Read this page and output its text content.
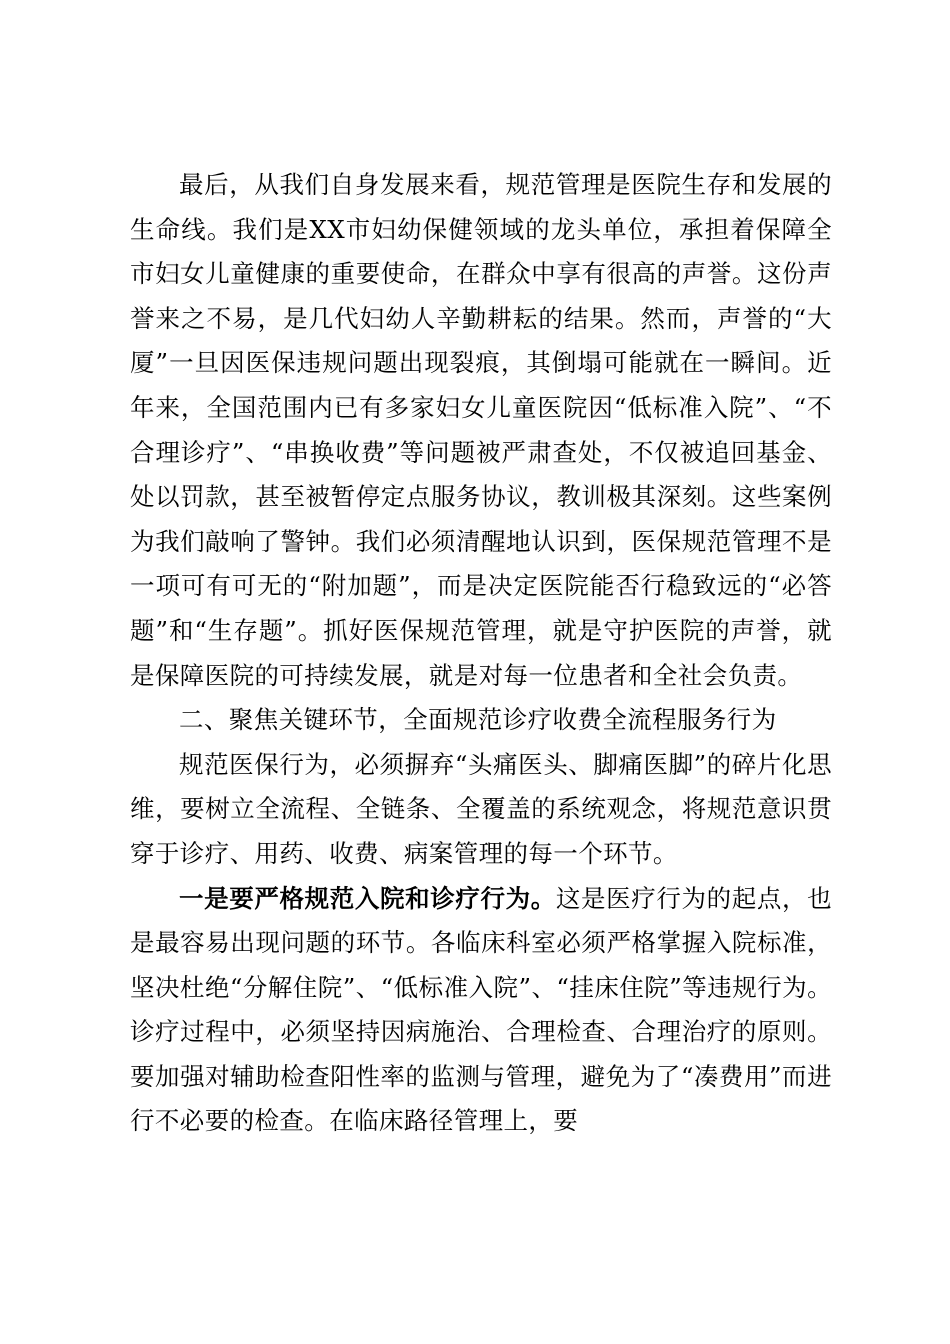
最后，从我们自身发展来看，规范管理是医院生存和发展的生命线。我们是XX市妇幼保健领域的龙头单位，承担着保障全市妇女儿童健康的重要使命，在群众中享有很高的声誉。这份声誉来之不易，是几代妇幼人辛勤耕耘的结果。然而，声誉的“大厦”一旦因医保违规问题出现裂痕，其倒塌可能就在一瞬间。近年来，全国范围内已有多家妇女儿童医院因“低标准入院”、“不合理诊疗”、“串换收费”等问题被严肃查处，不仅被追回基金、处以罚款，甚至被暂停定点服务协议，教训极其深刻。这些案例为我们敲响了警钟。我们必须清醒地认识到，医保规范管理不是一项可有可无的“附加题”，而是决定医院能否行稳致远的“必答题”和“生存题”。抓好医保规范管理，就是守护医院的声誉，就是保障医院的可持续发展，就是对每一位患者和全社会负责。

二、聚焦关键环节，全面规范诊疗收费全流程服务行为

规范医保行为，必须摒弃“头痛医头、脚痛医脚”的碎片化思维，要树立全流程、全链条、全覆盖的系统观念，将规范意识贯穿于诊疗、用药、收费、病案管理的每一个环节。

一是要严格规范入院和诊疗行为。这是医疗行为的起点，也是最容易出现问题的环节。各临床科室必须严格掌握入院标准，坚决杜绝“分解住院”、“低标准入院”、“挂床住院”等违规行为。诊疗过程中，必须坚持因病施治、合理检查、合理治疗的原则。要加强对辅助检查阳性率的监测与管理，避免为了“凑费用”而进行不必要的检查。在临床路径管理上，要
